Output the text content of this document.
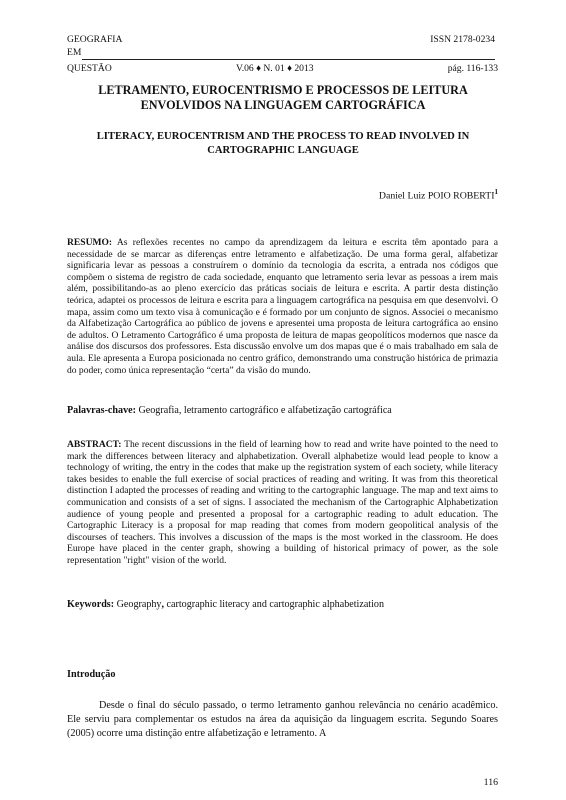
GEOGRAFIA
EM
QUESTÃO
ISSN 2178-0234
V.06 ♦ N. 01 ♦ 2013	pág. 116-133
LETRAMENTO, EUROCENTRISMO E PROCESSOS DE LEITURA ENVOLVIDOS NA LINGUAGEM CARTOGRÁFICA
LITERACY, EUROCENTRISM AND THE PROCESS TO READ INVOLVED IN CARTOGRAPHIC LANGUAGE
Daniel Luiz POIO ROBERTI$^1$
RESUMO: As reflexões recentes no campo da aprendizagem da leitura e escrita têm apontado para a necessidade de se marcar as diferenças entre letramento e alfabetização. De uma forma geral, alfabetizar significaria levar as pessoas a construírem o domínio da tecnologia da escrita, a entrada nos códigos que compõem o sistema de registro de cada sociedade, enquanto que letramento seria levar as pessoas a irem mais além, possibilitando-as ao pleno exercício das práticas sociais de leitura e escrita. A partir desta distinção teórica, adaptei os processos de leitura e escrita para a linguagem cartográfica na pesquisa em que desenvolvi. O mapa, assim como um texto visa à comunicação e é formado por um conjunto de signos. Associei o mecanismo da Alfabetização Cartográfica ao público de jovens e apresentei uma proposta de leitura cartográfica ao ensino de adultos. O Letramento Cartográfico é uma proposta de leitura de mapas geopolíticos modernos que nasce da análise dos discursos dos professores. Esta discussão envolve um dos mapas que é o mais trabalhado em sala de aula. Ele apresenta a Europa posicionada no centro gráfico, demonstrando uma construção histórica de primazia do poder, como única representação “certa” da visão do mundo.
Palavras-chave: Geografia, letramento cartográfico e alfabetização cartográfica
ABSTRACT: The recent discussions in the field of learning how to read and write have pointed to the need to mark the differences between literacy and alphabetization. Overall alphabetize would lead people to know a technology of writing, the entry in the codes that make up the registration system of each society, while literacy takes besides to enable the full exercise of social practices of reading and writing. It was from this theoretical distinction I adapted the processes of reading and writing to the cartographic language. The map and text aims to communication and consists of a set of signs. I associated the mechanism of the Cartographic Alphabetization audience of young people and presented a proposal for a cartographic reading to adult education. The Cartographic Literacy is a proposal for map reading that comes from modern geopolitical analysis of the discourses of teachers. This involves a discussion of the maps is the most worked in the classroom. He does Europe have placed in the center graph, showing a building of historical primacy of power, as the sole representation "right" vision of the world.
Keywords: Geography, cartographic literacy and cartographic alphabetization
Introdução
Desde o final do século passado, o termo letramento ganhou relevância no cenário acadêmico. Ele serviu para complementar os estudos na área da aquisição da linguagem escrita. Segundo Soares (2005) ocorre uma distinção entre alfabetização e letramento. A
116
